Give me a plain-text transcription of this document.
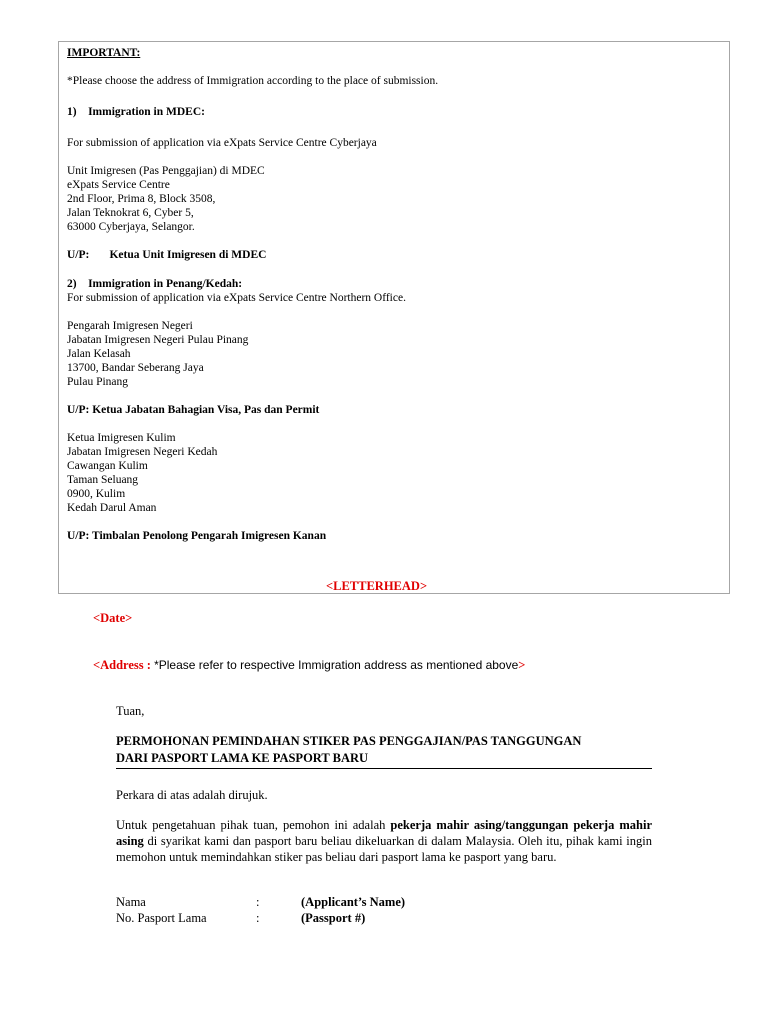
IMPORTANT:
*Please choose the address of Immigration according to the place of submission.
1)    Immigration in MDEC:
For submission of application via eXpats Service Centre Cyberjaya
Unit Imigresen (Pas Penggajian) di MDEC
eXpats Service Centre
2nd Floor, Prima 8, Block 3508,
Jalan Teknokrat 6, Cyber 5,
63000 Cyberjaya, Selangor.
U/P:       Ketua Unit Imigresen di MDEC
2)    Immigration in Penang/Kedah:
For submission of application via eXpats Service Centre Northern Office.
Pengarah Imigresen Negeri
Jabatan Imigresen Negeri Pulau Pinang
Jalan Kelasah
13700, Bandar Seberang Jaya
Pulau Pinang
U/P: Ketua Jabatan Bahagian Visa, Pas dan Permit
Ketua Imigresen Kulim
Jabatan Imigresen Negeri Kedah
Cawangan Kulim
Taman Seluang
0900, Kulim
Kedah Darul Aman
U/P: Timbalan Penolong Pengarah Imigresen Kanan
<LETTERHEAD>
<Date>
<Address : *Please refer to respective Immigration address as mentioned above>
Tuan,
PERMOHONAN PEMINDAHAN STIKER PAS PENGGAJIAN/PAS TANGGUNGAN
DARI PASPORT LAMA KE PASPORT BARU
Perkara di atas adalah dirujuk.
Untuk pengetahuan pihak tuan, pemohon ini adalah pekerja mahir asing/tanggungan pekerja mahir asing di syarikat kami dan pasport baru beliau dikeluarkan di dalam Malaysia. Oleh itu, pihak kami ingin memohon untuk memindahkan stiker pas beliau dari pasport lama ke pasport yang baru.
Nama	:	(Applicant’s Name)
No. Pasport Lama	:	(Passport #)
